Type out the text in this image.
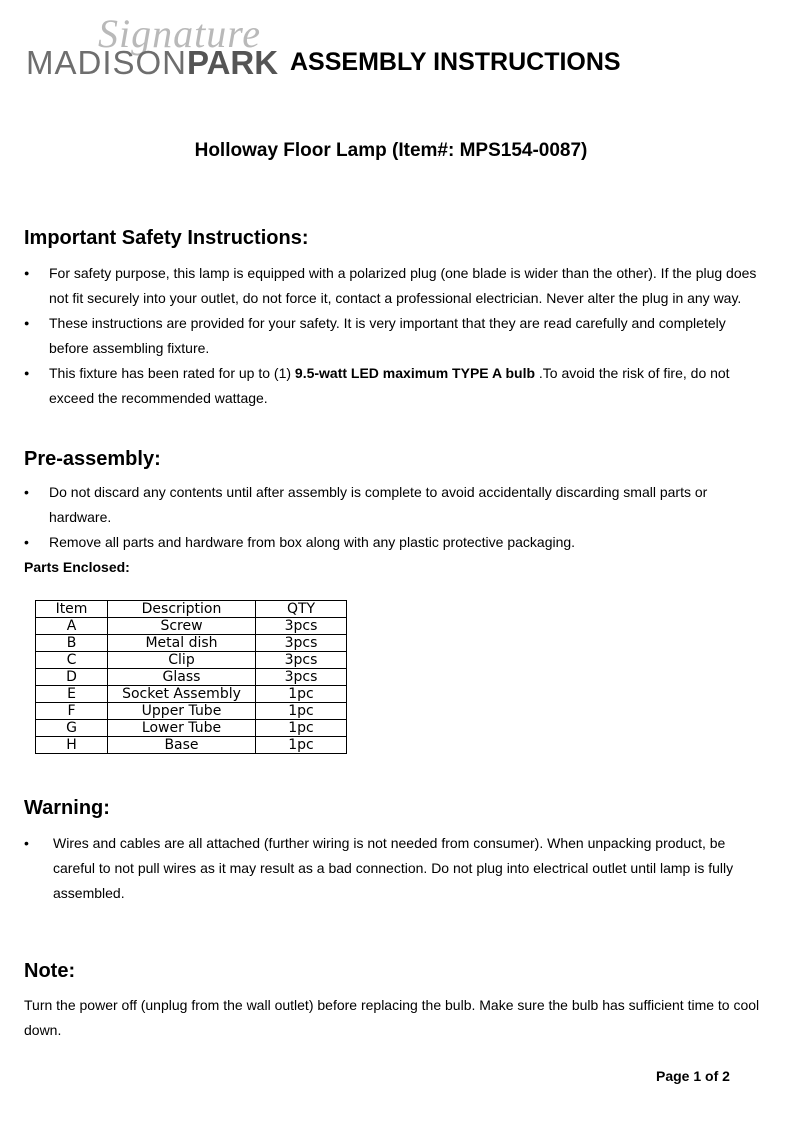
Signature
MADISONPARK ASSEMBLY INSTRUCTIONS
Holloway Floor Lamp (Item#: MPS154-0087)
Important Safety Instructions:
● For safety purpose, this lamp is equipped with a polarized plug (one blade is wider than the other). If the plug does not fit securely into your outlet, do not force it, contact a professional electrician. Never alter the plug in any way.
● These instructions are provided for your safety. It is very important that they are read carefully and completely before assembling fixture.
● This fixture has been rated for up to (1) 9.5-watt LED maximum TYPE A bulb .To avoid the risk of fire, do not exceed the recommended wattage.
Pre-assembly:
• Do not discard any contents until after assembly is complete to avoid accidentally discarding small parts or hardware.
• Remove all parts and hardware from box along with any plastic protective packaging.
Parts Enclosed:
Item	Description	QTY
A	Screw	3pcs
B	Metal dish	3pcs
C	Clip	3pcs
D	Glass	3pcs
E	Socket Assembly	1pc
F	Upper Tube	1pc
G	Lower Tube	1pc
H	Base	1pc
Warning:
• Wires and cables are all attached (further wiring is not needed from consumer). When unpacking product, be careful to not pull wires as it may result as a bad connection. Do not plug into electrical outlet until lamp is fully assembled.
Note:
Turn the power off (unplug from the wall outlet) before replacing the bulb. Make sure the bulb has sufficient time to cool down.
Page 1 of 2
